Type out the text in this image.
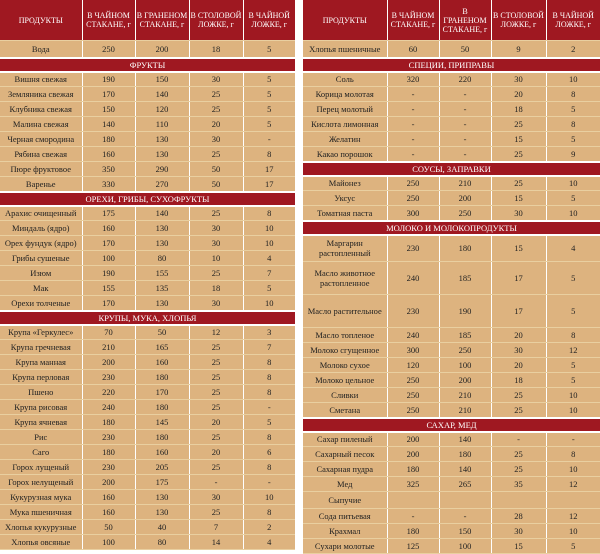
ПРОДУКТЫ	В ЧАЙНОМ СТАКАНЕ, г	В ГРАНЕНОМ СТАКАНЕ, г	В СТОЛОВОЙ ЛОЖКЕ, г	В ЧАЙНОЙ ЛОЖКЕ, г
Вода	250	200	18	5
ФРУКТЫ				
Вишня свежая	190	150	30	5
Земляника свежая	170	140	25	5
Клубника свежая	150	120	25	5
Малина свежая	140	110	20	5
Черная смородина	180	130	30	-
Рябина свежая	160	130	25	8
Пюре фруктовое	350	290	50	17
Варенье	330	270	50	17
ОРЕХИ, ГРИБЫ, СУХОФРУКТЫ				
Арахис очищенный	175	140	25	8
Миндаль (ядро)	160	130	30	10
Орех фундук (ядро)	170	130	30	10
Грибы сушеные	100	80	10	4
Изюм	190	155	25	7
Мак	155	135	18	5
Орехи толченые	170	130	30	10
КРУПЫ, МУКА, ХЛОПЬЯ				
Крупа «Геркулес»	70	50	12	3
Крупа гречневая	210	165	25	7
Крупа манная	200	160	25	8
Крупа перловая	230	180	25	8
Пшено	220	170	25	8
Крупа рисовая	240	180	25	-
Крупа ячневая	180	145	20	5
Рис	230	180	25	8
Саго	180	160	20	6
Горох лущеный	230	205	25	8
Горох нелущеный	200	175	-	-
Кукурузная мука	160	130	30	10
Мука пшеничная	160	130	25	8
Хлопья кукурузные	50	40	7	2
Хлопья овсяные	100	80	14	4
ПРОДУКТЫ	В ЧАЙНОМ СТАКАНЕ, г	В ГРАНЕНОМ СТАКАНЕ, г	В СТОЛОВОЙ ЛОЖКЕ, г	В ЧАЙНОЙ ЛОЖКЕ, г
Хлопья пшеничные	60	50	9	2
СПЕЦИИ, ПРИПРАВЫ				
Соль	320	220	30	10
Корица молотая	-	-	20	8
Перец молотый	-	-	18	5
Кислота лимонная	-	-	25	8
Желатин	-	-	15	5
Какао порошок	-	-	25	9
СОУСЫ, ЗАПРАВКИ				
Майонез	250	210	25	10
Уксус	250	200	15	5
Томатная паста	300	250	30	10
МОЛОКО И МОЛОКОПРОДУКТЫ				
Маргарин растопленный	230	180	15	4
Масло животное растопленное	240	185	17	5
Масло растительное	230	190	17	5
Масло топленое	240	185	20	8
Молоко сгущенное	300	250	30	12
Молоко сухое	120	100	20	5
Молоко цельное	250	200	18	5
Сливки	250	210	25	10
Сметана	250	210	25	10
САХАР, МЕД				
Сахар пиленый	200	140	-	-
Сахарный песок	200	180	25	8
Сахарная пудра	180	140	25	10
Мед	325	265	35	12
Сыпучие				
Сода питьевая	-	-	28	12
Крахмал	180	150	30	10
Сухари молотые	125	100	15	5
